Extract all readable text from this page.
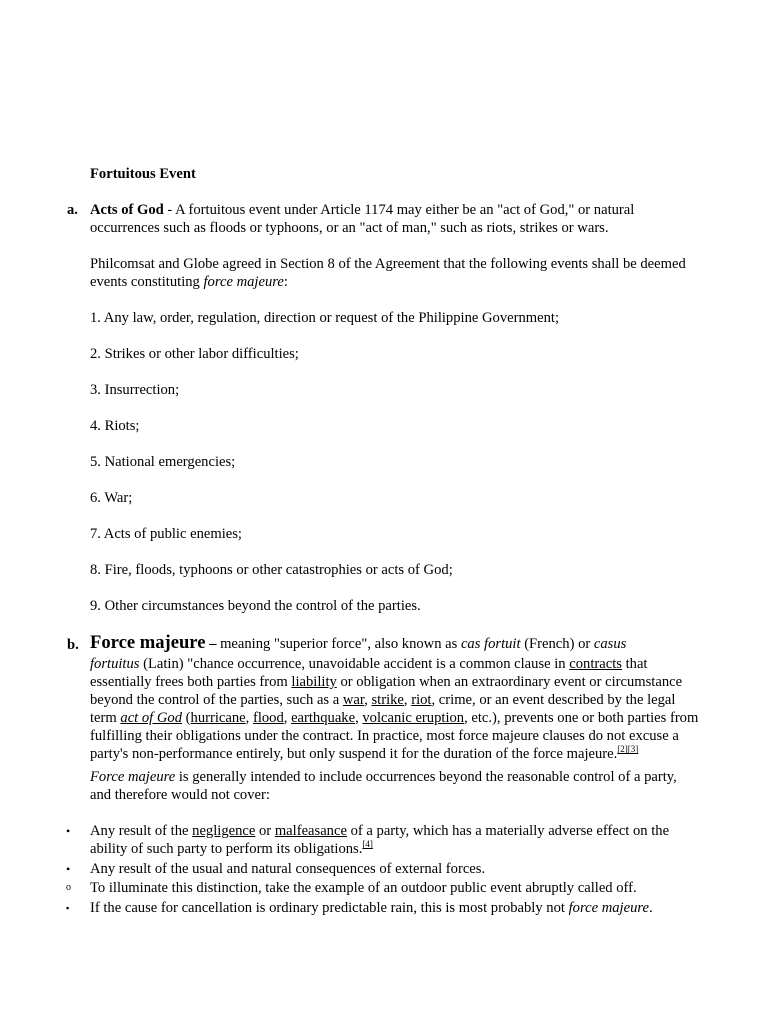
Fortuitous Event
a. Acts of God - A fortuitous event under Article 1174 may either be an "act of God," or natural
occurrences such as floods or typhoons, or an "act of man," such as riots, strikes or wars.
Philcomsat and Globe agreed in Section 8 of the Agreement that the following events shall be deemed
events constituting force majeure:
1. Any law, order, regulation, direction or request of the Philippine Government;
2. Strikes or other labor difficulties;
3. Insurrection;
4. Riots;
5. National emergencies;
6. War;
7. Acts of public enemies;
8. Fire, floods, typhoons or other catastrophies or acts of God;
9. Other circumstances beyond the control of the parties.
b. Force majeure – meaning "superior force", also known as cas fortuit (French) or casus
fortuitus (Latin) "chance occurrence, unavoidable accident is a common clause in contracts that
essentially frees both parties from liability or obligation when an extraordinary event or circumstance
beyond the control of the parties, such as a war, strike, riot, crime, or an event described by the legal
term act of God (hurricane, flood, earthquake, volcanic eruption, etc.), prevents one or both parties from
fulfilling their obligations under the contract. In practice, most force majeure clauses do not excuse a
party's non-performance entirely, but only suspend it for the duration of the force majeure.[2][3]
Force majeure is generally intended to include occurrences beyond the reasonable control of a party,
and therefore would not cover:
• Any result of the negligence or malfeasance of a party, which has a materially adverse effect on the
ability of such party to perform its obligations.[4]
• Any result of the usual and natural consequences of external forces.
o To illuminate this distinction, take the example of an outdoor public event abruptly called off.
▪ If the cause for cancellation is ordinary predictable rain, this is most probably not force majeure.
